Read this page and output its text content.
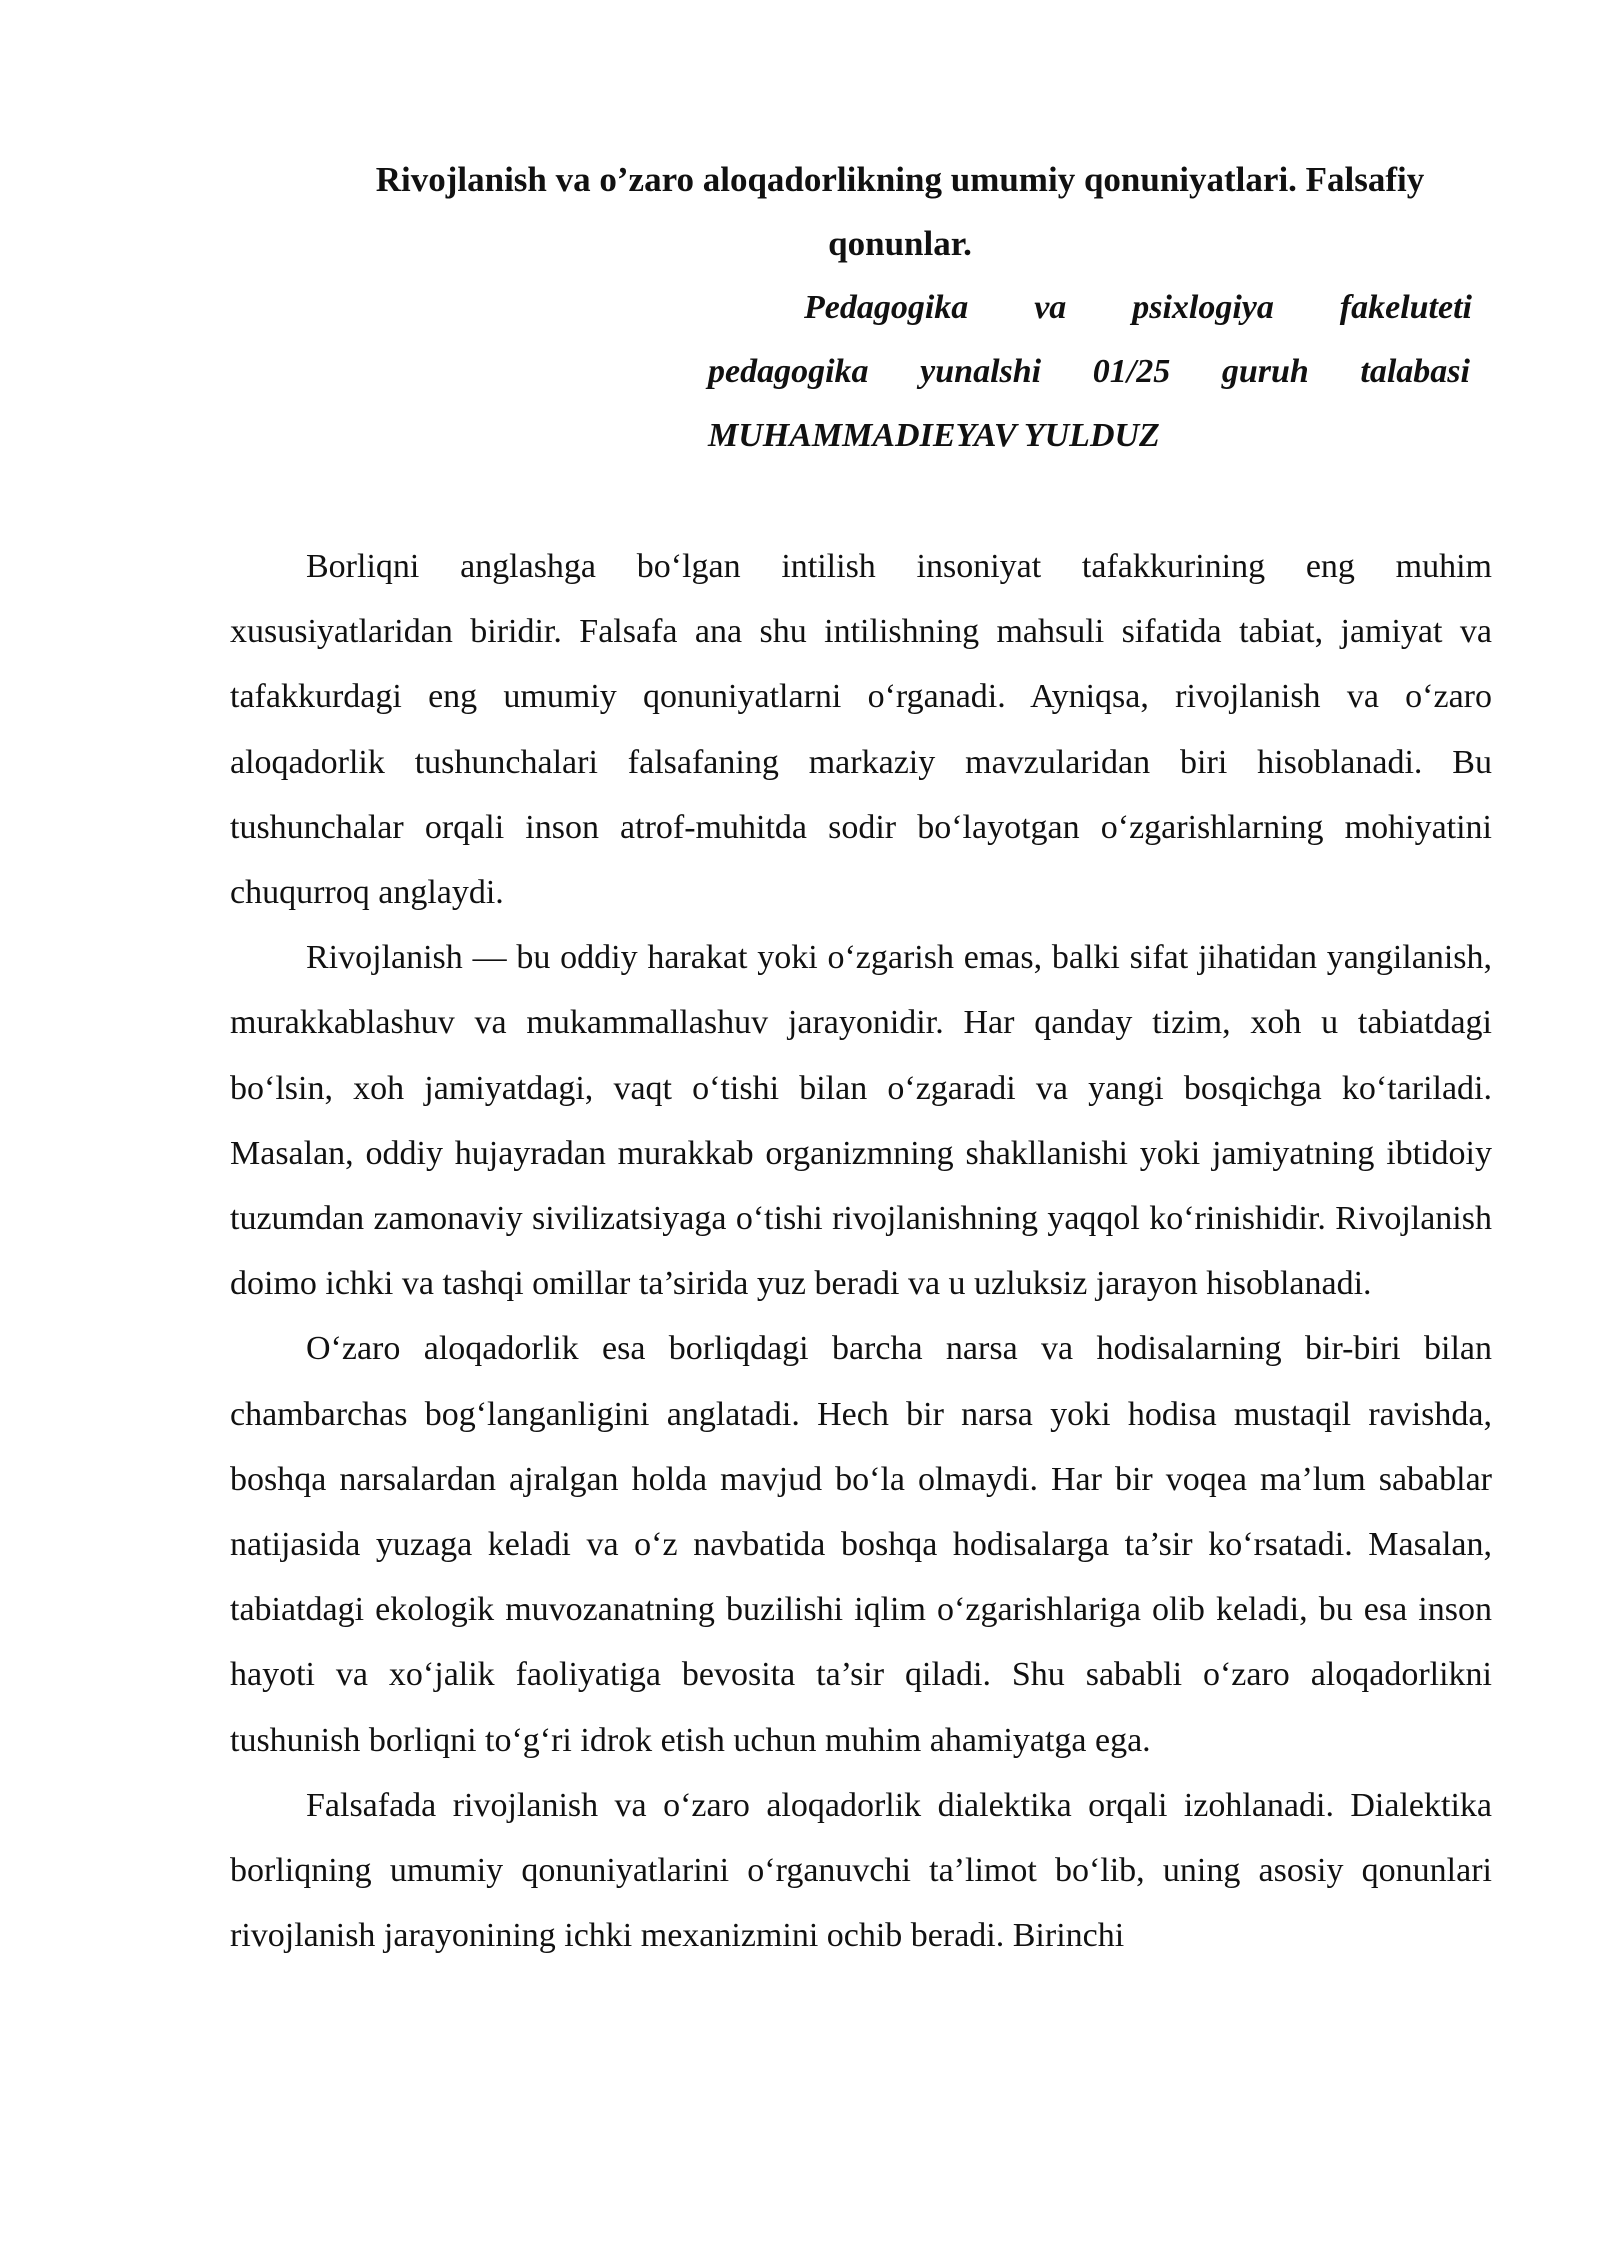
Rivojlanish va o’zaro aloqadorlikning umumiy qonuniyatlari. Falsafiy
qonunlar.
Pedagogika va psixlogiya fakeluteti
pedagogika yunalshi 01/25 guruh talabasi
MUHAMMADIEYAV YULDUZ

Borliqni anglashga bo‘lgan intilish insoniyat tafakkurining eng muhim xususiyatlaridan biridir. Falsafa ana shu intilishning mahsuli sifatida tabiat, jamiyat va tafakkurdagi eng umumiy qonuniyatlarni o‘rganadi. Ayniqsa, rivojlanish va o‘zaro aloqadorlik tushunchalari falsafaning markaziy mavzularidan biri hisoblanadi. Bu tushunchalar orqali inson atrof-muhitda sodir bo‘layotgan o‘zgarishlarning mohiyatini chuqurroq anglaydi.

Rivojlanish — bu oddiy harakat yoki o‘zgarish emas, balki sifat jihatidan yangilanish, murakkablashuv va mukammallashuv jarayonidir. Har qanday tizim, xoh u tabiatdagi bo‘lsin, xoh jamiyatdagi, vaqt o‘tishi bilan o‘zgaradi va yangi bosqichga ko‘tariladi. Masalan, oddiy hujayradan murakkab organizmning shakllanishi yoki jamiyatning ibtidoiy tuzumdan zamonaviy sivilizatsiyaga o‘tishi rivojlanishning yaqqol ko‘rinishidir. Rivojlanish doimo ichki va tashqi omillar ta’sirida yuz beradi va u uzluksiz jarayon hisoblanadi.

O‘zaro aloqadorlik esa borliqdagi barcha narsa va hodisalarning bir-biri bilan chambarchas bog‘langanligini anglatadi. Hech bir narsa yoki hodisa mustaqil ravishda, boshqa narsalardan ajralgan holda mavjud bo‘la olmaydi. Har bir voqea ma’lum sabablar natijasida yuzaga keladi va o‘z navbatida boshqa hodisalarga ta’sir ko‘rsatadi. Masalan, tabiatdagi ekologik muvozanatning buzilishi iqlim o‘zgarishlariga olib keladi, bu esa inson hayoti va xo‘jalik faoliyatiga bevosita ta’sir qiladi. Shu sababli o‘zaro aloqadorlikni tushunish borliqni to‘g‘ri idrok etish uchun muhim ahamiyatga ega.

Falsafada rivojlanish va o‘zaro aloqadorlik dialektika orqali izohlanadi. Dialektika borliqning umumiy qonuniyatlarini o‘rganuvchi ta’limot bo‘lib, uning asosiy qonunlari rivojlanish jarayonining ichki mexanizmini ochib beradi. Birinchi
